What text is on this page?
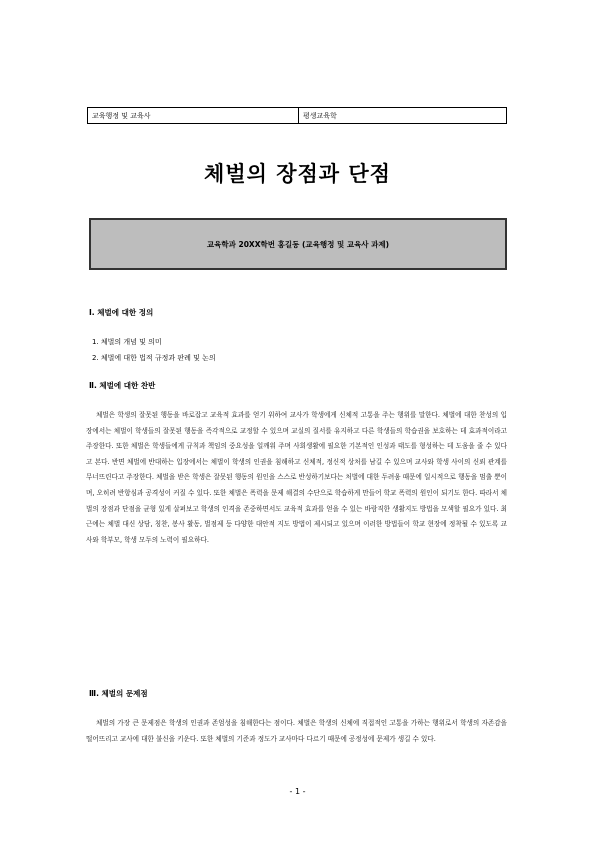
교육행정 및 교육사	평생교육학
체벌의 장점과 단점
교육학과 20XX학번 홍길동 (교육행정 및 교육사 과제)
Ⅰ. 체벌에 대한 정의
1. 체벌의 개념 및 의미
2. 체벌에 대한 법적 규정과 판례 및 논의
Ⅱ. 체벌에 대한 찬반
체벌은 학생의 잘못된 행동을 바로잡고 교육적 효과를 얻기 위하여 교사가 학생에게 신체적 고통을 주는 행위를 말한다. 체벌에 대한 찬성의 입장에서는 체벌이 학생들의 잘못된 행동을 즉각적으로 교정할 수 있으며 교실의 질서를 유지하고 다른 학생들의 학습권을 보호하는 데 효과적이라고 주장한다. 또한 체벌은 학생들에게 규칙과 책임의 중요성을 일깨워 주며 사회생활에 필요한 기본적인 인성과 태도를 형성하는 데 도움을 줄 수 있다고 본다. 반면 체벌에 반대하는 입장에서는 체벌이 학생의 인권을 침해하고 신체적, 정신적 상처를 남길 수 있으며 교사와 학생 사이의 신뢰 관계를 무너뜨린다고 주장한다. 체벌을 받은 학생은 잘못된 행동의 원인을 스스로 반성하기보다는 처벌에 대한 두려움 때문에 일시적으로 행동을 멈출 뿐이며, 오히려 반항심과 공격성이 커질 수 있다. 또한 체벌은 폭력을 문제 해결의 수단으로 학습하게 만들어 학교 폭력의 원인이 되기도 한다. 따라서 체벌의 장점과 단점을 균형 있게 살펴보고 학생의 인격을 존중하면서도 교육적 효과를 얻을 수 있는 바람직한 생활지도 방법을 모색할 필요가 있다. 최근에는 체벌 대신 상담, 칭찬, 봉사 활동, 벌점제 등 다양한 대안적 지도 방법이 제시되고 있으며 이러한 방법들이 학교 현장에 정착될 수 있도록 교사와 학부모, 학생 모두의 노력이 필요하다.
Ⅲ. 체벌의 문제점
체벌의 가장 큰 문제점은 학생의 인권과 존엄성을 침해한다는 점이다. 체벌은 학생의 신체에 직접적인 고통을 가하는 행위로서 학생의 자존감을 떨어뜨리고 교사에 대한 불신을 키운다. 또한 체벌의 기준과 정도가 교사마다 다르기 때문에 공정성에 문제가 생길 수 있다.
- 1 -
